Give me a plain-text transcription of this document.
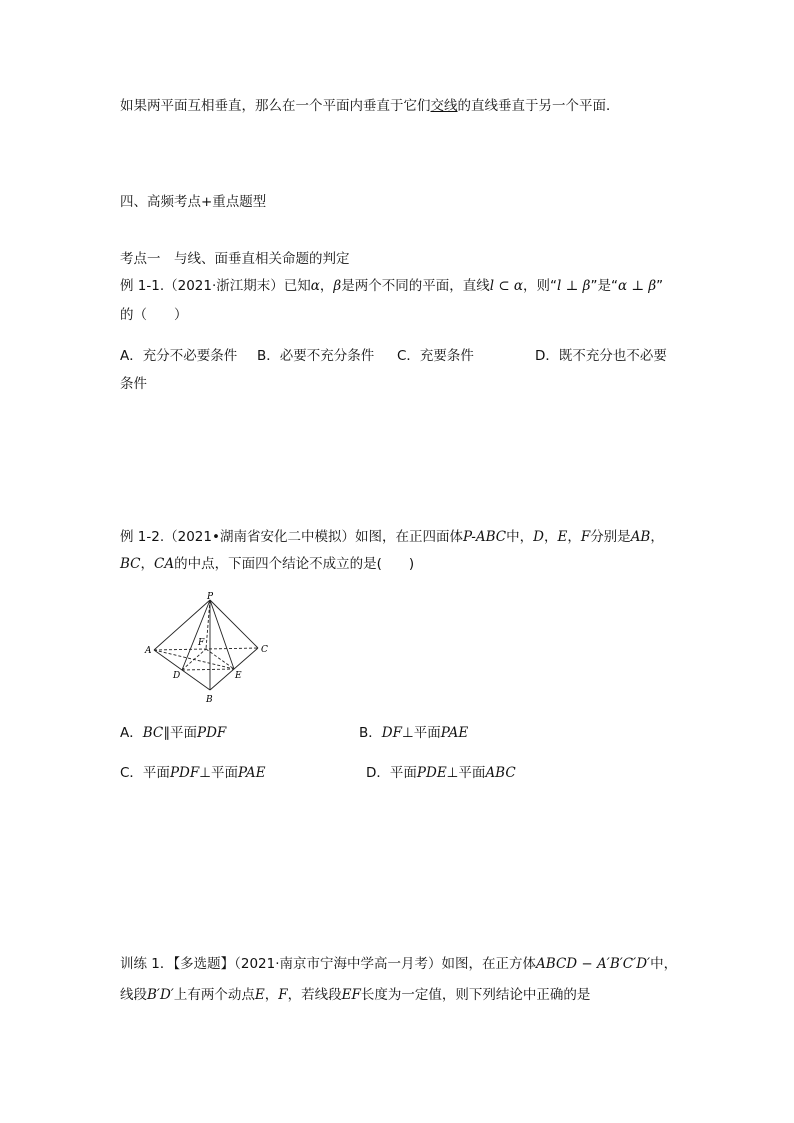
如果两平面互相垂直，那么在一个平面内垂直于它们交线的直线垂直于另一个平面．
四、高频考点+重点题型
考点一　与线、面垂直相关命题的判定
例 1-1.（2021·浙江期末）已知α，β是两个不同的平面，直线l ⊂ α，则“l ⊥ β”是“α ⊥ β”
的（　　）
A．充分不必要条件 B．必要不充分条件 C．充要条件	D．既不充分也不必要
条件
例 1-2.（2021•湖南省安化二中模拟）如图，在正四面体P-ABC中，D，E，F分别是AB，
BC，CA的中点，下面四个结论不成立的是(　　)
P
A	C
B
D	E
F
A．BC∥平面PDF	B．DF⊥平面PAE
C．平面PDF⊥平面PAE	D．平面PDE⊥平面ABC
训练 1．【多选题】（2021·南京市宁海中学高一月考）如图，在正方体ABCD − A′B′C′D′中，
线段B′D′上有两个动点E，F，若线段EF长度为一定值，则下列结论中正确的是
